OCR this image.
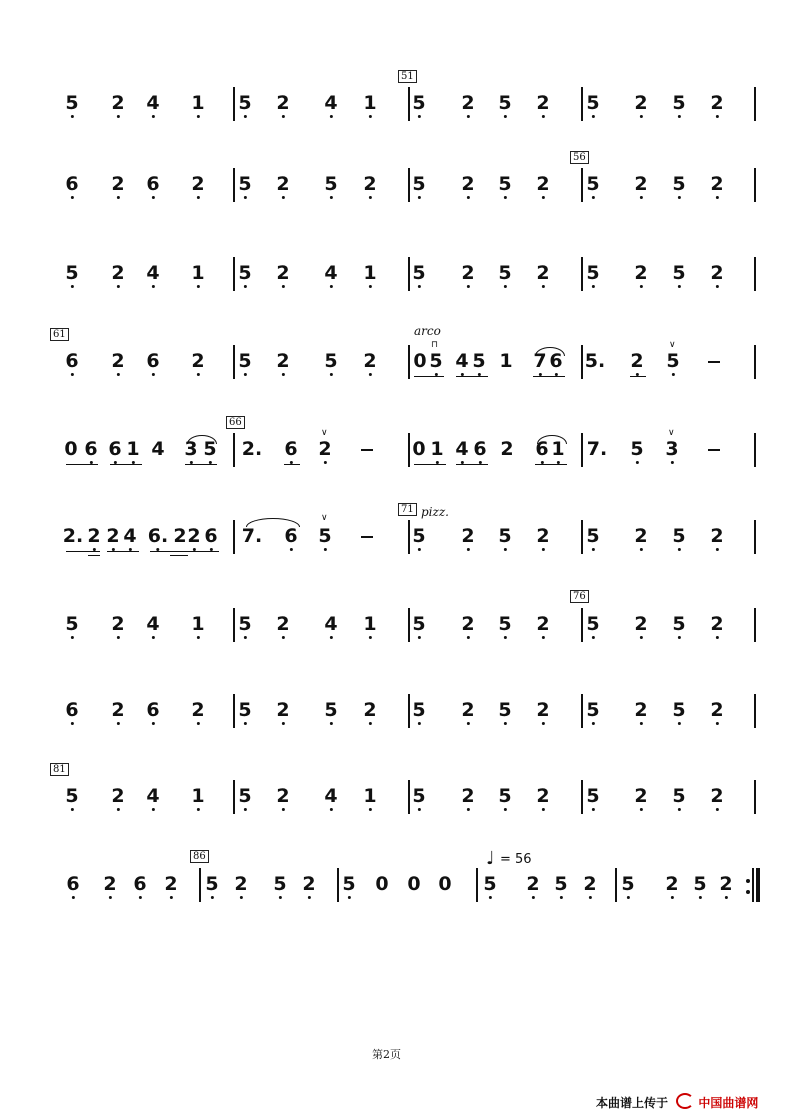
5 2 4 1 5 2 4 1 5 2 5 2 5 2 5 2
51
6 2 6 2 5 2 5 2 5 2 5 2 5 2 5 2
56
5 2 4 1 5 2 4 1 5 2 5 2 5 2 5 2
61
6 2 6 2 5 2 5 2
arco
0 5
⊓
4 5 1 7 6 5. 2 5
∨
0 6 6 1 4 3 5
66
2. 6 2
∨
0 1 4 6 2 6 1 7. 5 3
∨
2. 2 2 4 6. 2 2 6 7. 6 5
∨
71 pizz.
5 2 5 2 5 2 5 2
5 2 4 1 5 2 4 1 5 2 5 2 5 2 5 2
76
6 2 6 2 5 2 5 2 5 2 5 2 5 2 5 2
81
5 2 4 1 5 2 4 1 5 2 5 2 5 2 5 2
6 2 6 2
86
5 2 5 2 5 0 0 0
♩ = 56
5 2 5 2 5 2 5 2
第2页
本曲谱上传于	中国曲谱网
